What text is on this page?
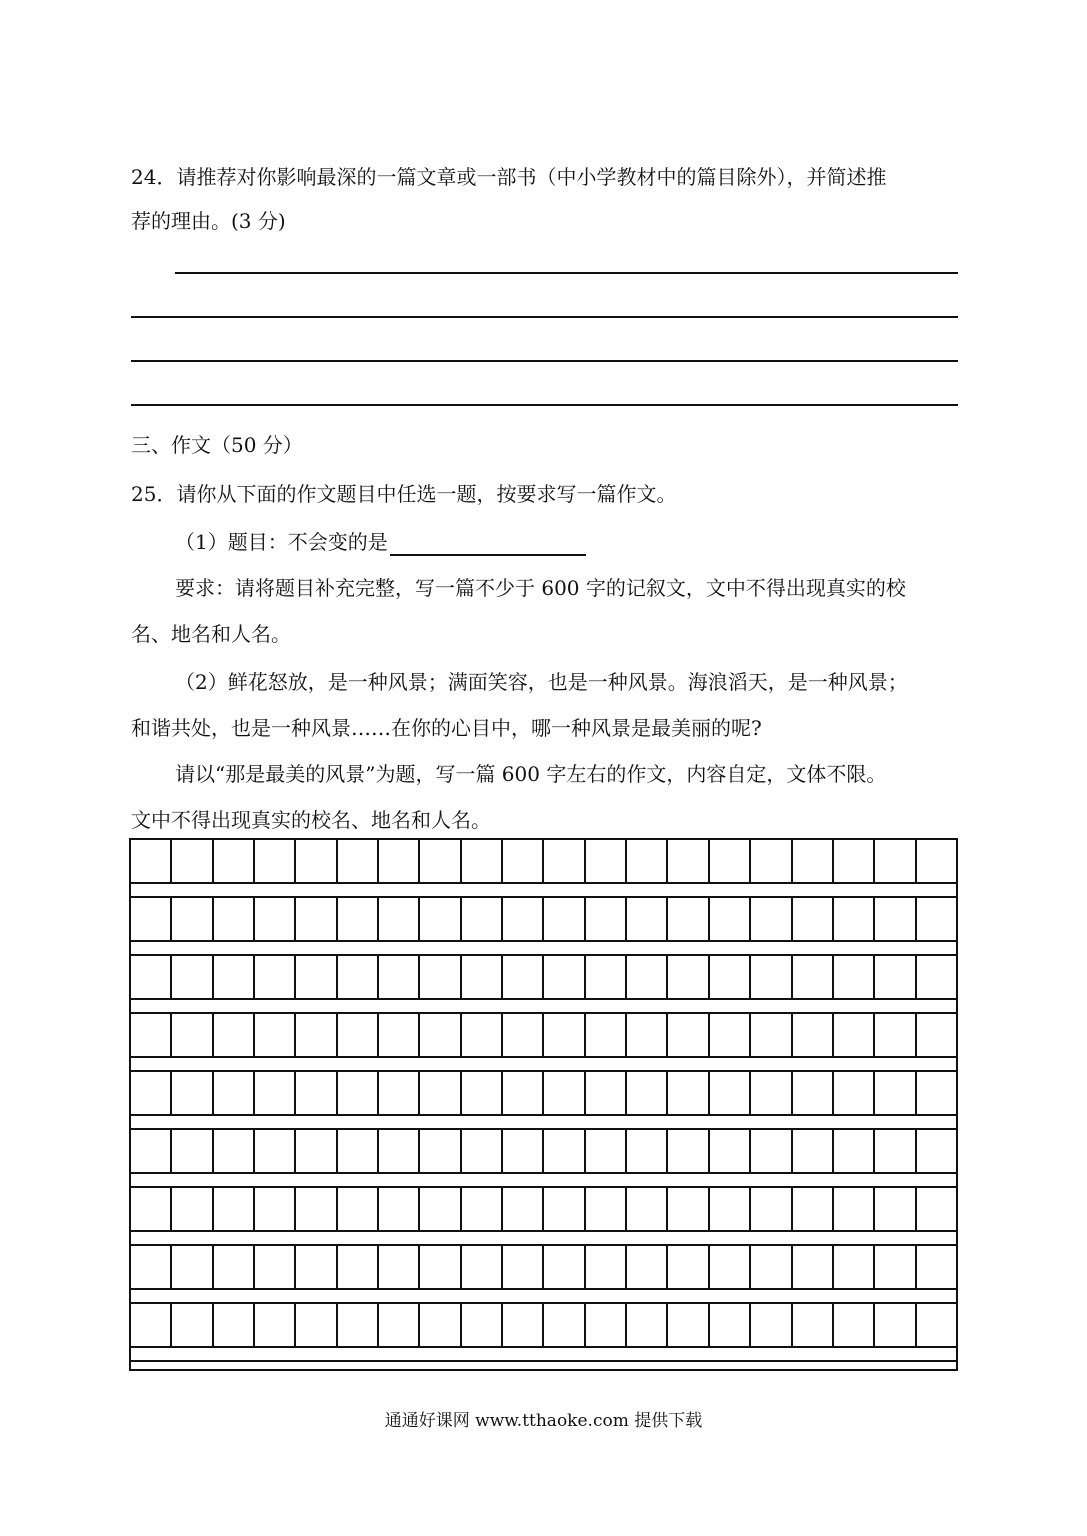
24．请推荐对你影响最深的一篇文章或一部书（中小学教材中的篇目除外），并简述推
荐的理由。(3 分)
三、作文（50 分）
25．请你从下面的作文题目中任选一题，按要求写一篇作文。
（1）题目：不会变的是
要求：请将题目补充完整，写一篇不少于 600 字的记叙文，文中不得出现真实的校
名、地名和人名。
（2）鲜花怒放，是一种风景；满面笑容，也是一种风景。海浪滔天，是一种风景；
和谐共处，也是一种风景……在你的心目中，哪一种风景是最美丽的呢?
请以“那是最美的风景”为题，写一篇 600 字左右的作文，内容自定，文体不限。
文中不得出现真实的校名、地名和人名。
通通好课网 www.tthaoke.com 提供下载
